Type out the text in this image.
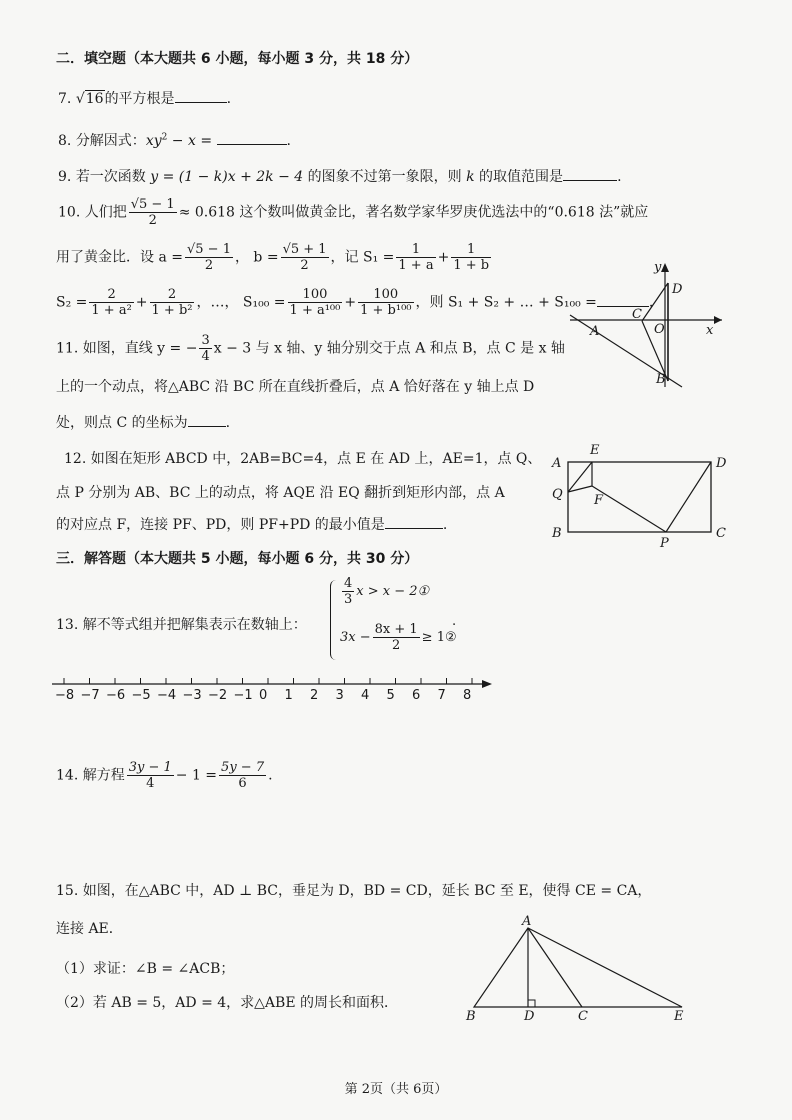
二．填空题（本大题共 6 小题，每小题 3 分，共 18 分）
7. √16的平方根是	.
8. 分解因式：$xy^2 - x$ =	.
9. 若一次函数 y = (1 − k)x + 2k − 4 的图象不过第一象限，则 k 的取值范围是	.
10. 人们把 $\frac{√5 - 1}{2} \approx 0.618$ 这个数叫做黄金比，著名数学家华罗庚优选法中的“0.618 法”就应
用了黄金比．设 $a = \frac{√5 - 1}{2}$ ， $b = \frac{√5 + 1}{2}$ ，记 $S_1 = \frac{1}{1 + a} + \frac{1}{1 + b}$
$S_2 = \frac{2}{\text{1 + a²}} + \frac{2}{\text{1 + b²}}$ ，…， $S_{100} = \frac{100}{\text{1 + a¹⁰⁰}} + \frac{100}{\text{1 + b¹⁰⁰}}$ ，则 S₁ + S₂ + … + S₁₀₀ =	.
11. 如图，直线 y = − $\frac{3}{4}$ x − 3 与 x 轴、y 轴分别交于点 A 和点 B，点 C 是 x 轴
上的一个动点，将△ABC 沿 BC 所在直线折叠后，点 A 恰好落在 y 轴上点 D
处，则点 C 的坐标为	.
y
x
D
C
A	O
B
12. 如图在矩形 ABCD 中，2AB=BC=4，点 E 在 AD 上，AE=1，点 Q、
点 P 分别为 AB、BC 上的动点，将 AQE 沿 EQ 翻折到矩形内部，点 A
的对应点 F，连接 PF、PD，则 PF+PD 的最小值是	.
A
E
D
Q F
B
P
C
三．解答题（本大题共 5 小题，每小题 6 分，共 30 分）
13. 解不等式组并把解集表示在数轴上：
$\frac{4}{3}$ x > x − 2①
$3x - \frac{8x + 1}{2}$ ≥ 1②
.
−8 −7 −6 −5 −4 −3 −2 −1 0 1 2 3 4 5 6 7 8
14. 解方程 $\frac{3y - 1}{4} - 1 = \frac{5y - 7}{6}$ .
15. 如图，在△ABC 中，AD ⊥ BC，垂足为 D，BD = CD，延长 BC 至 E，使得 CE = CA，
连接 AE．
（1）求证：∠B = ∠ACB；
（2）若 AB = 5，AD = 4，求△ABE 的周长和面积．
A
B	D	C	E
第 2页（共 6页）
